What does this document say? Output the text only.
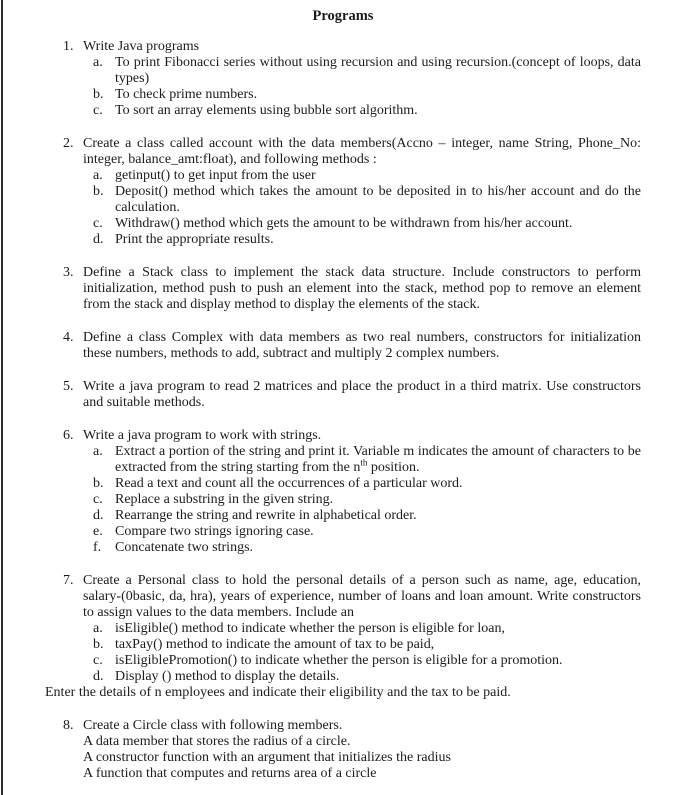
Programs
1. Write Java programs
a. To print Fibonacci series without using recursion and using recursion.(concept of loops, data types)
b. To check prime numbers.
c. To sort an array elements using bubble sort algorithm.
2. Create a class called account with the data members(Accno – integer, name String, Phone_No: integer, balance_amt:float), and following methods :
a. getinput() to get input from the user
b. Deposit() method which takes the amount to be deposited in to his/her account and do the calculation.
c. Withdraw() method which gets the amount to be withdrawn from his/her account.
d. Print the appropriate results.
3. Define a Stack class to implement the stack data structure. Include constructors to perform initialization, method push to push an element into the stack, method pop to remove an element from the stack and display method to display the elements of the stack.
4. Define a class Complex with data members as two real numbers, constructors for initialization these numbers, methods to add, subtract and multiply 2 complex numbers.
5. Write a java program to read 2 matrices and place the product in a third matrix. Use constructors and suitable methods.
6. Write a java program to work with strings.
a. Extract a portion of the string and print it. Variable m indicates the amount of characters to be extracted from the string starting from the $n^{th}$ position.
b. Read a text and count all the occurrences of a particular word.
c. Replace a substring in the given string.
d. Rearrange the string and rewrite in alphabetical order.
e. Compare two strings ignoring case.
f. Concatenate two strings.
7. Create a Personal class to hold the personal details of a person such as name, age, education, salary-(0basic, da, hra), years of experience, number of loans and loan amount. Write constructors to assign values to the data members. Include an
a. isEligible() method to indicate whether the person is eligible for loan,
b. taxPay() method to indicate the amount of tax to be paid,
c. isEligiblePromotion() to indicate whether the person is eligible for a promotion.
d. Display () method to display the details.
Enter the details of n employees and indicate their eligibility and the tax to be paid.
8. Create a Circle class with following members.
A data member that stores the radius of a circle.
A constructor function with an argument that initializes the radius
A function that computes and returns area of a circle
